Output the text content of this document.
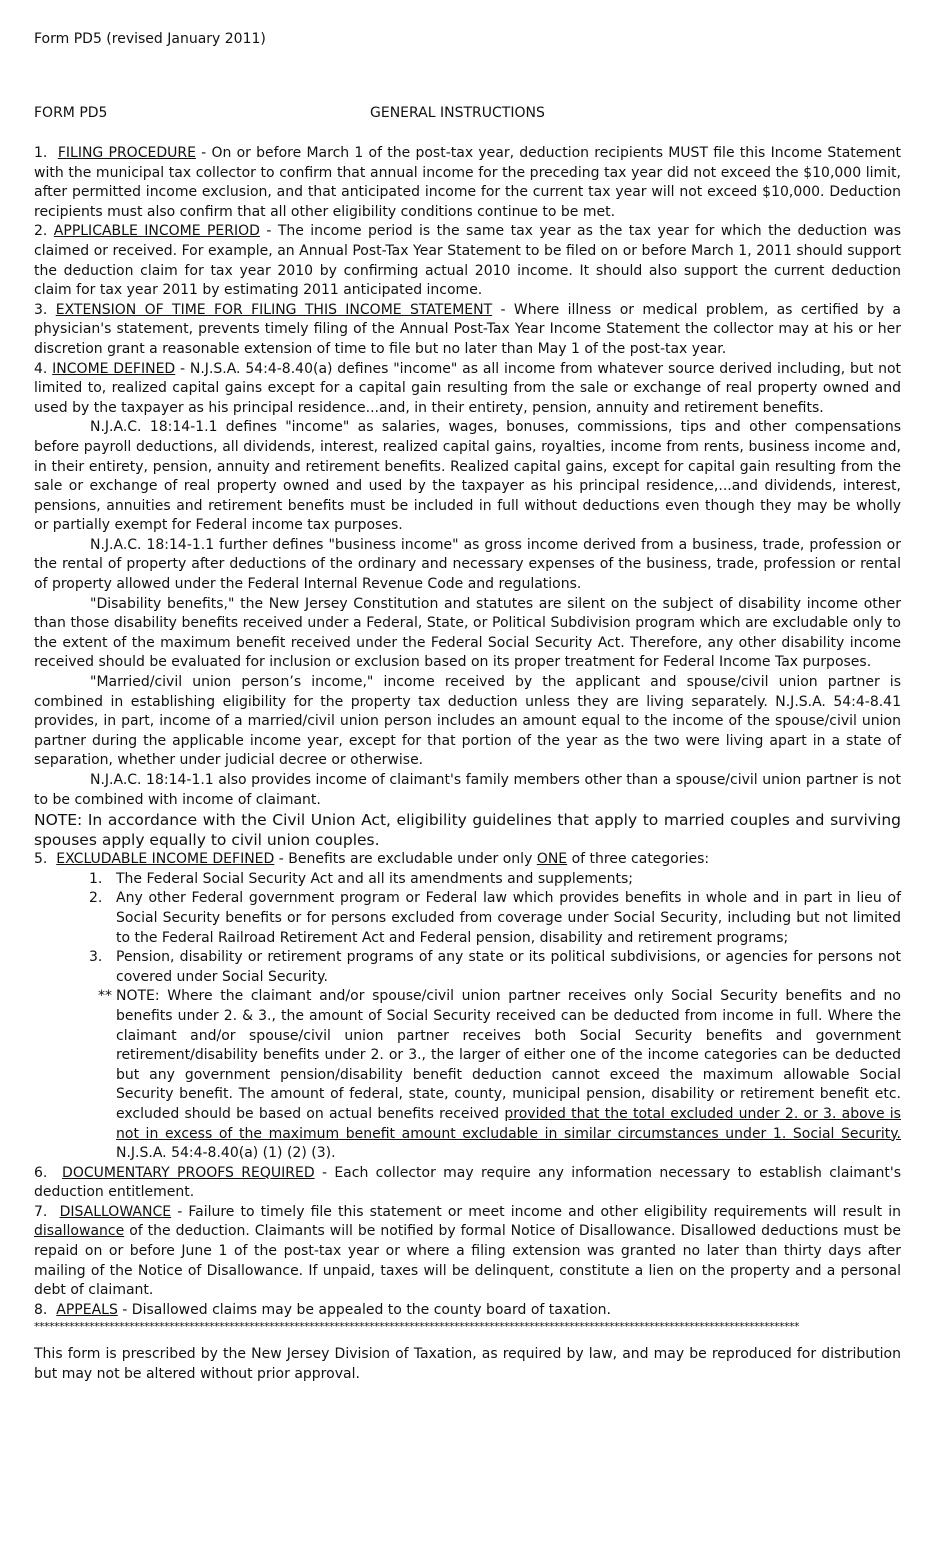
Form PD5 (revised January 2011)
FORM PD5	GENERAL INSTRUCTIONS

1. FILING PROCEDURE - On or before March 1 of the post-tax year, deduction recipients MUST file this Income Statement with the municipal tax collector to confirm that annual income for the preceding tax year did not exceed the $10,000 limit, after permitted income exclusion, and that anticipated income for the current tax year will not exceed $10,000. Deduction recipients must also confirm that all other eligibility conditions continue to be met.

2. APPLICABLE INCOME PERIOD - The income period is the same tax year as the tax year for which the deduction was claimed or received. For example, an Annual Post-Tax Year Statement to be filed on or before March 1, 2011 should support the deduction claim for tax year 2010 by confirming actual 2010 income. It should also support the current deduction claim for tax year 2011 by estimating 2011 anticipated income.

3. EXTENSION OF TIME FOR FILING THIS INCOME STATEMENT - Where illness or medical problem, as certified by a physician's statement, prevents timely filing of the Annual Post-Tax Year Income Statement the collector may at his or her discretion grant a reasonable extension of time to file but no later than May 1 of the post-tax year.

4. INCOME DEFINED - N.J.S.A. 54:4-8.40(a) defines "income" as all income from whatever source derived including, but not limited to, realized capital gains except for a capital gain resulting from the sale or exchange of real property owned and used by the taxpayer as his principal residence...and, in their entirety, pension, annuity and retirement benefits.

N.J.A.C. 18:14-1.1 defines "income" as salaries, wages, bonuses, commissions, tips and other compensations before payroll deductions, all dividends, interest, realized capital gains, royalties, income from rents, business income and, in their entirety, pension, annuity and retirement benefits. Realized capital gains, except for capital gain resulting from the sale or exchange of real property owned and used by the taxpayer as his principal residence,...and dividends, interest, pensions, annuities and retirement benefits must be included in full without deductions even though they may be wholly or partially exempt for Federal income tax purposes.

N.J.A.C. 18:14-1.1 further defines "business income" as gross income derived from a business, trade, profession or the rental of property after deductions of the ordinary and necessary expenses of the business, trade, profession or rental of property allowed under the Federal Internal Revenue Code and regulations.

"Disability benefits," the New Jersey Constitution and statutes are silent on the subject of disability income other than those disability benefits received under a Federal, State, or Political Subdivision program which are excludable only to the extent of the maximum benefit received under the Federal Social Security Act. Therefore, any other disability income received should be evaluated for inclusion or exclusion based on its proper treatment for Federal Income Tax purposes.

"Married/civil union person’s income," income received by the applicant and spouse/civil union partner is combined in establishing eligibility for the property tax deduction unless they are living separately. N.J.S.A. 54:4-8.41 provides, in part, income of a married/civil union person includes an amount equal to the income of the spouse/civil union partner during the applicable income year, except for that portion of the year as the two were living apart in a state of separation, whether under judicial decree or otherwise.

N.J.A.C. 18:14-1.1 also provides income of claimant's family members other than a spouse/civil union partner is not to be combined with income of claimant.

NOTE: In accordance with the Civil Union Act, eligibility guidelines that apply to married couples and surviving spouses apply equally to civil union couples.

5. EXCLUDABLE INCOME DEFINED - Benefits are excludable under only ONE of three categories:

1. The Federal Social Security Act and all its amendments and supplements;
2. Any other Federal government program or Federal law which provides benefits in whole and in part in lieu of Social Security benefits or for persons excluded from coverage under Social Security, including but not limited to the Federal Railroad Retirement Act and Federal pension, disability and retirement programs;
3. Pension, disability or retirement programs of any state or its political subdivisions, or agencies for persons not covered under Social Security.
** NOTE: Where the claimant and/or spouse/civil union partner receives only Social Security benefits and no benefits under 2. & 3., the amount of Social Security received can be deducted from income in full. Where the claimant and/or spouse/civil union partner receives both Social Security benefits and government retirement/disability benefits under 2. or 3., the larger of either one of the income categories can be deducted but any government pension/disability benefit deduction cannot exceed the maximum allowable Social Security benefit. The amount of federal, state, county, municipal pension, disability or retirement benefit etc. excluded should be based on actual benefits received provided that the total excluded under 2. or 3. above is not in excess of the maximum benefit amount excludable in similar circumstances under 1. Social Security. N.J.S.A. 54:4-8.40(a) (1) (2) (3).

6. DOCUMENTARY PROOFS REQUIRED - Each collector may require any information necessary to establish claimant's deduction entitlement.

7. DISALLOWANCE - Failure to timely file this statement or meet income and other eligibility requirements will result in disallowance of the deduction. Claimants will be notified by formal Notice of Disallowance. Disallowed deductions must be repaid on or before June 1 of the post-tax year or where a filing extension was granted no later than thirty days after mailing of the Notice of Disallowance. If unpaid, taxes will be delinquent, constitute a lien on the property and a personal debt of claimant.

8. APPEALS - Disallowed claims may be appealed to the county board of taxation.

*********************************************************************************************************************************************************

This form is prescribed by the New Jersey Division of Taxation, as required by law, and may be reproduced for distribution but may not be altered without prior approval.
